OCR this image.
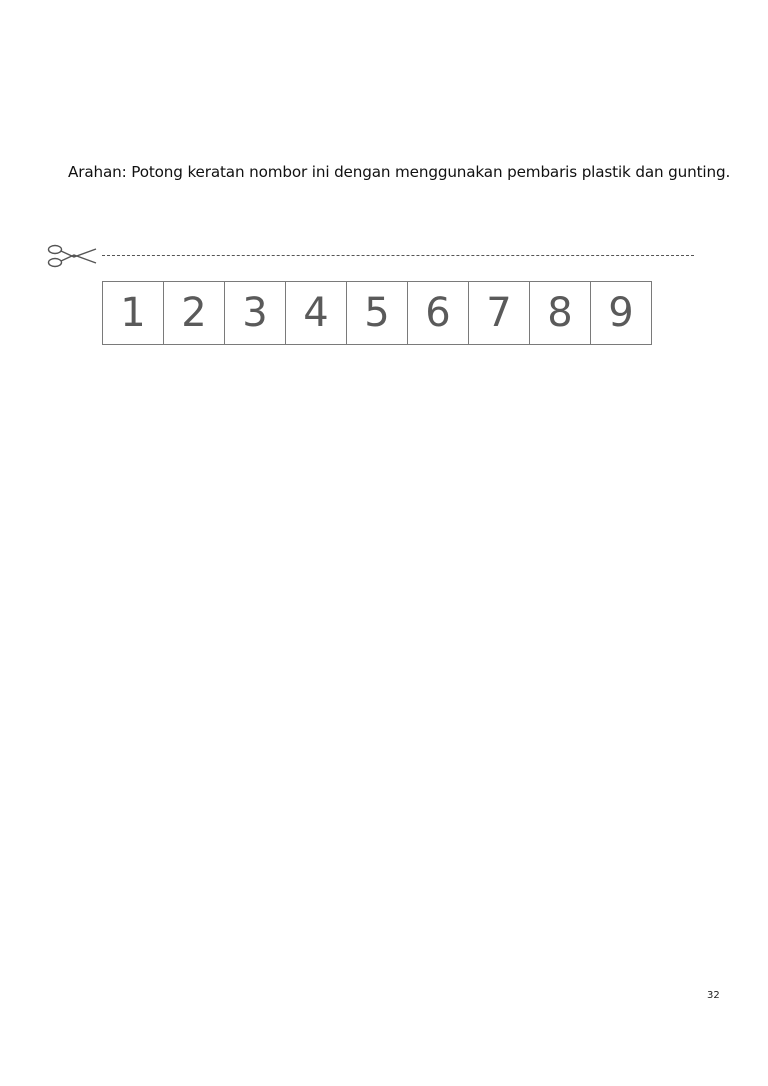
Arahan: Potong keratan nombor ini dengan menggunakan pembaris plastik dan gunting.
1 2 3 4 5 6 7 8 9
32
